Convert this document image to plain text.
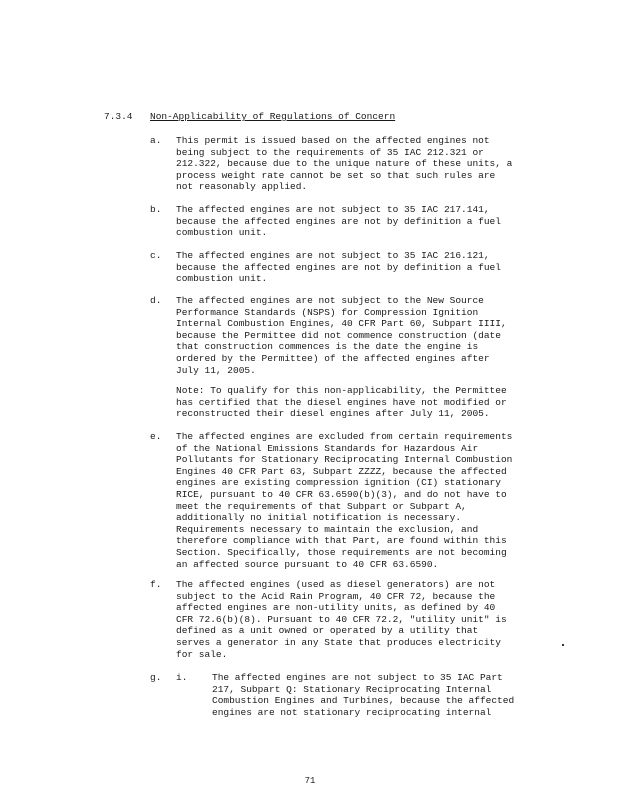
7.3.4 Non-Applicability of Regulations of Concern
a. This permit is issued based on the affected engines not
being subject to the requirements of 35 IAC 212.321 or
212.322, because due to the unique nature of these units, a
process weight rate cannot be set so that such rules are
not reasonably applied.
b. The affected engines are not subject to 35 IAC 217.141,
because the affected engines are not by definition a fuel
combustion unit.
c. The affected engines are not subject to 35 IAC 216.121,
because the affected engines are not by definition a fuel
combustion unit.
d. The affected engines are not subject to the New Source
Performance Standards (NSPS) for Compression Ignition
Internal Combustion Engines, 40 CFR Part 60, Subpart IIII,
because the Permittee did not commence construction (date
that construction commences is the date the engine is
ordered by the Permittee) of the affected engines after
July 11, 2005.
Note: To qualify for this non-applicability, the Permittee
has certified that the diesel engines have not modified or
reconstructed their diesel engines after July 11, 2005.
e. The affected engines are excluded from certain requirements
of the National Emissions Standards for Hazardous Air
Pollutants for Stationary Reciprocating Internal Combustion
Engines 40 CFR Part 63, Subpart ZZZZ, because the affected
engines are existing compression ignition (CI) stationary
RICE, pursuant to 40 CFR 63.6590(b)(3), and do not have to
meet the requirements of that Subpart or Subpart A,
additionally no initial notification is necessary.
Requirements necessary to maintain the exclusion, and
therefore compliance with that Part, are found within this
Section. Specifically, those requirements are not becoming
an affected source pursuant to 40 CFR 63.6590.
f. The affected engines (used as diesel generators) are not
subject to the Acid Rain Program, 40 CFR 72, because the
affected engines are non-utility units, as defined by 40
CFR 72.6(b)(8). Pursuant to 40 CFR 72.2, "utility unit" is
defined as a unit owned or operated by a utility that
serves a generator in any State that produces electricity
for sale.
g. i.	The affected engines are not subject to 35 IAC Part
217, Subpart Q: Stationary Reciprocating Internal
Combustion Engines and Turbines, because the affected
engines are not stationary reciprocating internal
71
